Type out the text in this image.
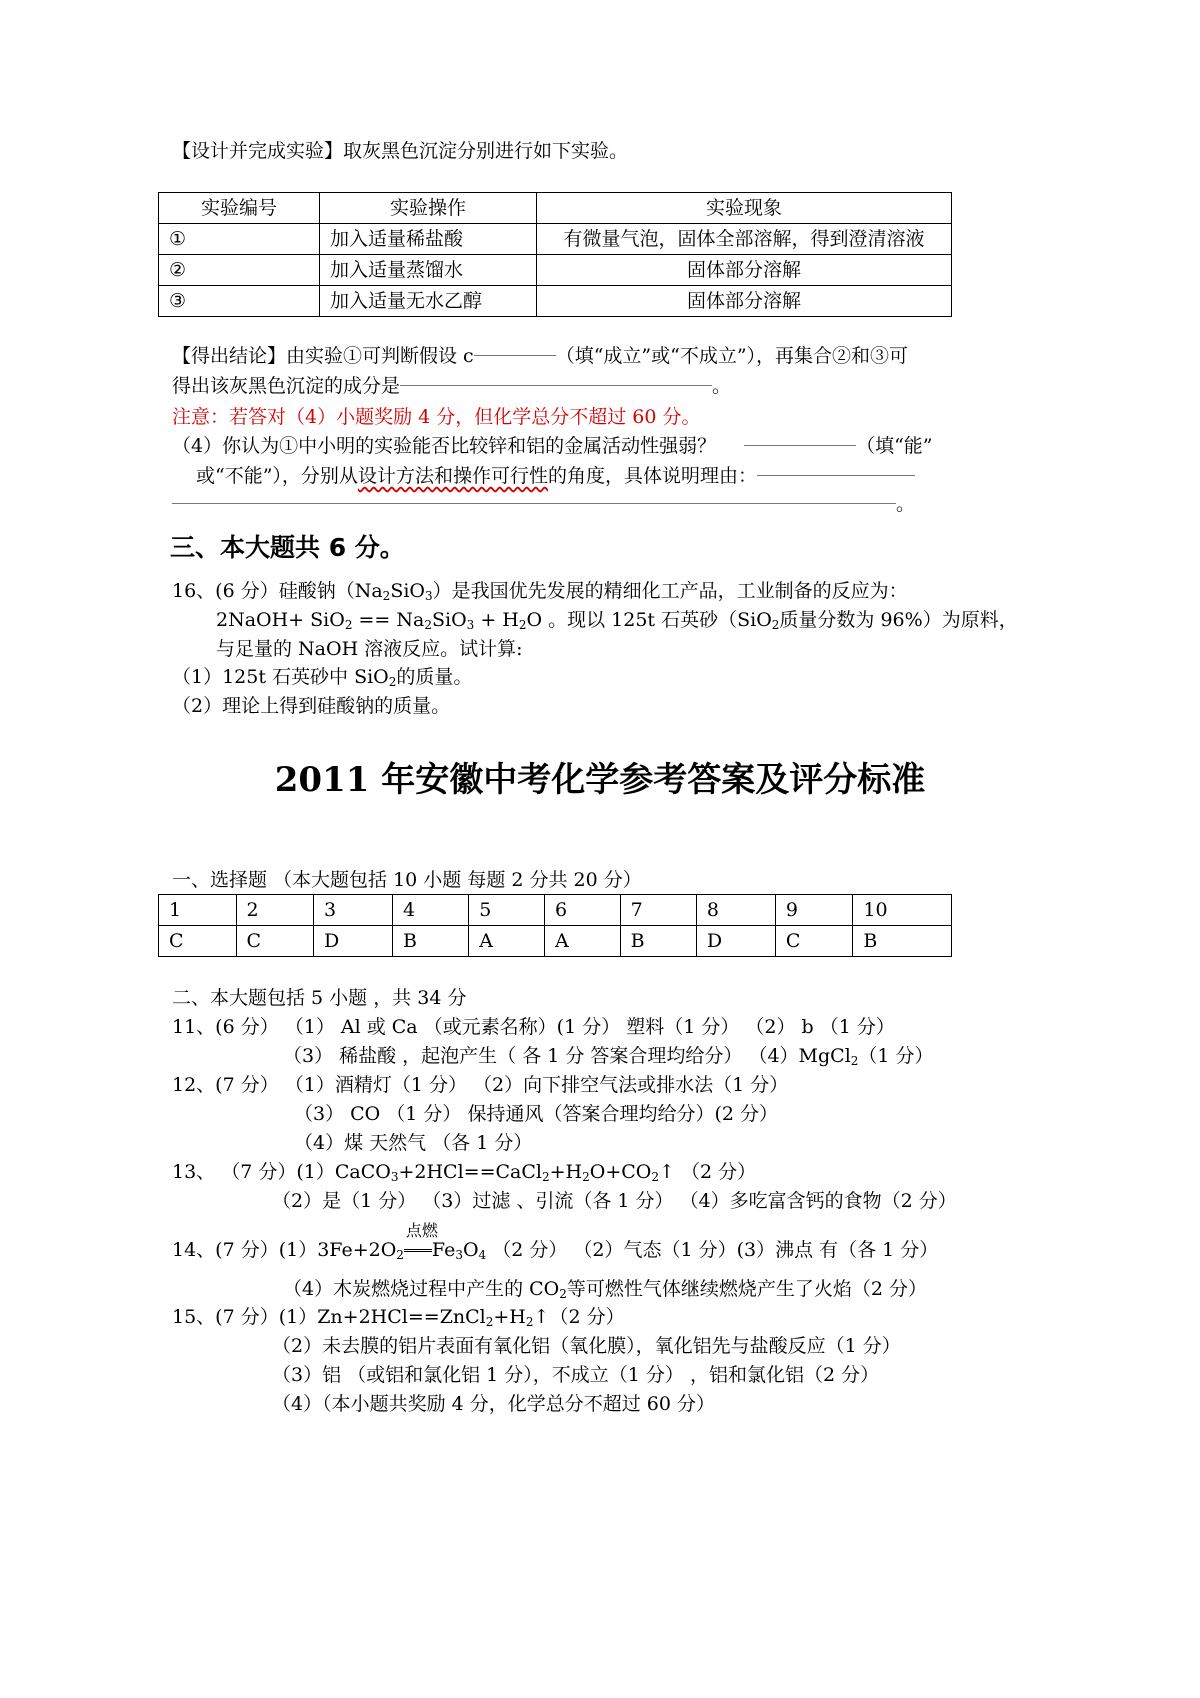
【设计并完成实验】取灰黑色沉淀分别进行如下实验。
实验编号	实验操作	实验现象
①	加入适量稀盐酸	有微量气泡，固体全部溶解，得到澄清溶液
②	加入适量蒸馏水	固体部分溶解
③	加入适量无水乙醇	固体部分溶解
【得出结论】由实验①可判断假设 c	（填“成立”或“不成立”），再集合②和③可
得出该灰黑色沉淀的成分是	。
注意：若答对（4）小题奖励 4 分，但化学总分不超过 60 分。
（4）你认为①中小明的实验能否比较锌和铝的金属活动性强弱？	（填“能”
或“不能”），分别从设计方法和操作可行性的角度，具体说明理由：
。
三、本大题共 6 分。
16、(6 分）硅酸钠$(Na_2SiO_3)$是我国优先发展的精细化工产品，工业制备的反应为：
2NaOH+ $SiO_2 == Na_2SiO_3 + H_2O$ 。现以 125t 石英砂（SiO$_2$质量分数为 96%）为原料，
与足量的 NaOH 溶液反应。试计算:
（1）125t 石英砂中 SiO$_2$的质量。
（2）理论上得到硅酸钠的质量。
2011 年安徽中考化学参考答案及评分标准
一、选择题 （本大题包括 10 小题 每题 2 分共 20 分）
1	2	3	4	5	6	7	8	9	10
C	C	D	B	A	A	B	D	C	B
二、本大题包括 5 小题 ，共 34 分
11、(6 分） （1） Al 或 Ca （或元素名称）(1 分） 塑料（1 分） （2） b （1 分）
（3） 稀盐酸 ，起泡产生（ 各 1 分 答案合理均给分） （4）MgCl$_2$（1 分）
12、(7 分） （1）酒精灯（1 分） （2）向下排空气法或排水法（1 分）
（3） CO （1 分） 保持通风（答案合理均给分）(2 分）
（4）煤 天然气 （各 1 分）
13、 （7 分）$(1)CaCO_3+2HCl==CaCl_2+H_2O+CO_2↑$ （2 分）
（2）是（1 分） （3）过滤 、引流（各 1 分） （4）多吃富含钙的食物（2 分）
14、(7 分）$(1)3Fe+2O_2$
点燃
$Fe_3O_4$ （2 分） （2）气态（1 分）(3）沸点 有（各 1 分）
（4）木炭燃烧过程中产生的 $CO_2$等可燃性气体继续燃烧产生了火焰（2 分）
15、(7 分）$(1)Zn+2HCl==ZnCl_2+H_2↑(2$ 分）
（2）未去膜的铝片表面有氧化铝（氧化膜），氧化铝先与盐酸反应（1 分）
（3）铝 （或铝和氯化铝 1 分），不成立（1 分） ，铝和氯化铝（2 分）
（4）（本小题共奖励 4 分，化学总分不超过 60 分）
